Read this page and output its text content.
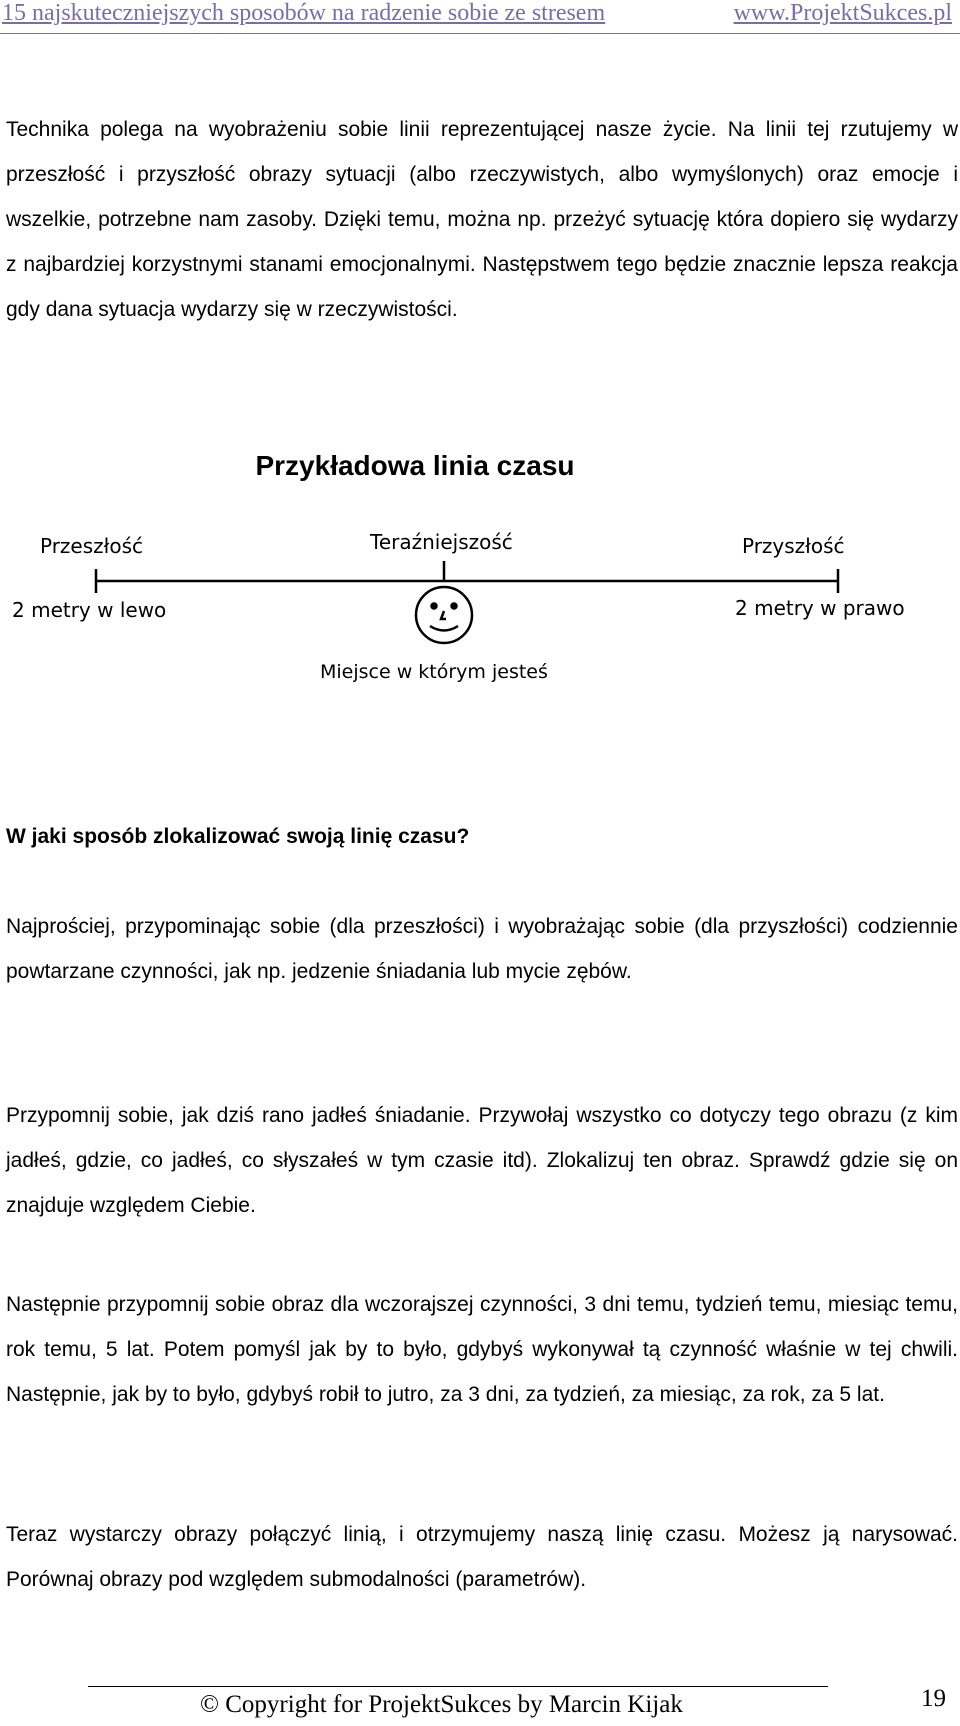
15 najskuteczniejszych sposobów na radzenie sobie ze stresem	www.ProjektSukces.pl

Technika polega na wyobrażeniu sobie linii reprezentującej nasze życie. Na linii tej rzutujemy w przeszłość i przyszłość obrazy sytuacji (albo rzeczywistych, albo wymyślonych) oraz emocje i wszelkie, potrzebne nam zasoby. Dzięki temu, można np. przeżyć sytuację która dopiero się wydarzy z najbardziej korzystnymi stanami emocjonalnymi. Następstwem tego będzie znacznie lepsza reakcja gdy dana sytuacja wydarzy się w rzeczywistości.

Przykładowa linia czasu
Przeszłość	Teraźniejszość	Przyszłość
2 metry w lewo	2 metry w prawo
Miejsce w którym jesteś

W jaki sposób zlokalizować swoją linię czasu?

Najprościej, przypominając sobie (dla przeszłości) i wyobrażając sobie (dla przyszłości) codziennie powtarzane czynności, jak np. jedzenie śniadania lub mycie zębów.

Przypomnij sobie, jak dziś rano jadłeś śniadanie. Przywołaj wszystko co dotyczy tego obrazu (z kim jadłeś, gdzie, co jadłeś, co słyszałeś w tym czasie itd). Zlokalizuj ten obraz. Sprawdź gdzie się on znajduje względem Ciebie.

Następnie przypomnij sobie obraz dla wczorajszej czynności, 3 dni temu, tydzień temu, miesiąc temu, rok temu, 5 lat. Potem pomyśl jak by to było, gdybyś wykonywał tą czynność właśnie w tej chwili. Następnie, jak by to było, gdybyś robił to jutro, za 3 dni, za tydzień, za miesiąc, za rok, za 5 lat.

Teraz wystarczy obrazy połączyć linią, i otrzymujemy naszą linię czasu. Możesz ją narysować. Porównaj obrazy pod względem submodalności (parametrów).

© Copyright for ProjektSukces by Marcin Kijak	19
